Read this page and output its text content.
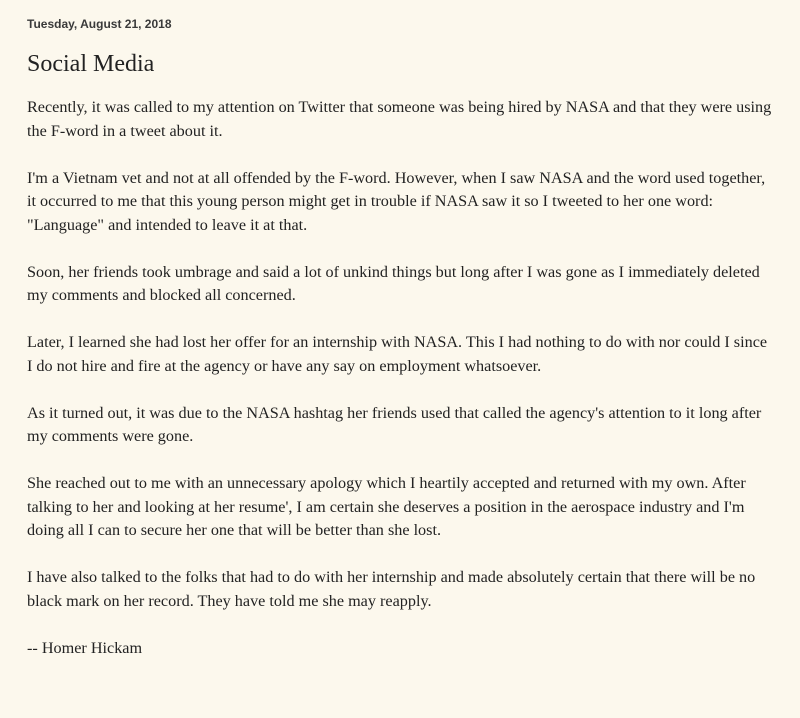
Tuesday, August 21, 2018
Social Media

Recently, it was called to my attention on Twitter that someone was being hired by NASA and that they were using the F-word in a tweet about it.

I'm a Vietnam vet and not at all offended by the F-word. However, when I saw NASA and the word used together, it occurred to me that this young person might get in trouble if NASA saw it so I tweeted to her one word: "Language" and intended to leave it at that.

Soon, her friends took umbrage and said a lot of unkind things but long after I was gone as I immediately deleted my comments and blocked all concerned.

Later, I learned she had lost her offer for an internship with NASA. This I had nothing to do with nor could I since I do not hire and fire at the agency or have any say on employment whatsoever.

As it turned out, it was due to the NASA hashtag her friends used that called the agency's attention to it long after my comments were gone.

She reached out to me with an unnecessary apology which I heartily accepted and returned with my own. After talking to her and looking at her resume', I am certain she deserves a position in the aerospace industry and I'm doing all I can to secure her one that will be better than she lost.

I have also talked to the folks that had to do with her internship and made absolutely certain that there will be no black mark on her record. They have told me she may reapply.

-- Homer Hickam
